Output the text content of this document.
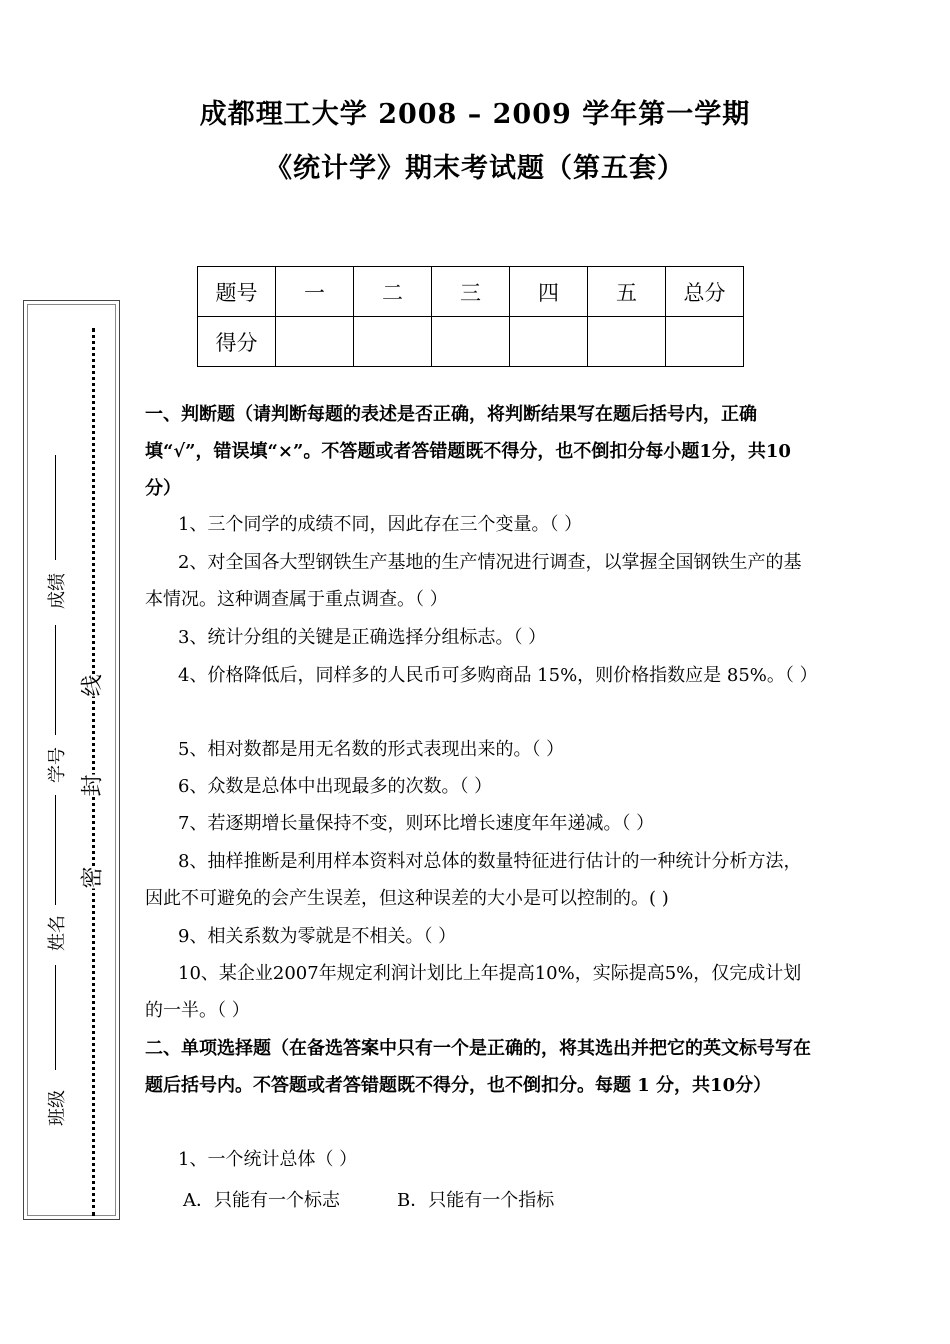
成都理工大学 2008 – 2009 学年第一学期
《统计学》期末考试题（第五套）
题号	一	二	三	四	五	总分
得分						
成绩
学号
姓名
班级
线
封
密
一、判断题（请判断每题的表述是否正确，将判断结果写在题后括号内，正确填“√”，错误填“×”。不答题或者答错题既不得分，也不倒扣分每小题1分，共10分）
1、三个同学的成绩不同，因此存在三个变量。（ ）
2、对全国各大型钢铁生产基地的生产情况进行调查，以掌握全国钢铁生产的基本情况。这种调查属于重点调查。（ ）
3、统计分组的关键是正确选择分组标志。（ ）
4、价格降低后，同样多的人民币可多购商品 15%，则价格指数应是 85%。（ ）
5、相对数都是用无名数的形式表现出来的。（ ）
6、众数是总体中出现最多的次数。（ ）
7、若逐期增长量保持不变，则环比增长速度年年递减。（ ）
8、抽样推断是利用样本资料对总体的数量特征进行估计的一种统计分析方法，因此不可避免的会产生误差，但这种误差的大小是可以控制的。( )
9、相关系数为零就是不相关。（ ）
10、某企业2007年规定利润计划比上年提高10%，实际提高5%，仅完成计划的一半。（ ）
二、单项选择题（在备选答案中只有一个是正确的，将其选出并把它的英文标号写在题后括号内。不答题或者答错题既不得分，也不倒扣分。每题 1 分，共10分）
1、一个统计总体（ ）
A．只能有一个标志	B．只能有一个指标
